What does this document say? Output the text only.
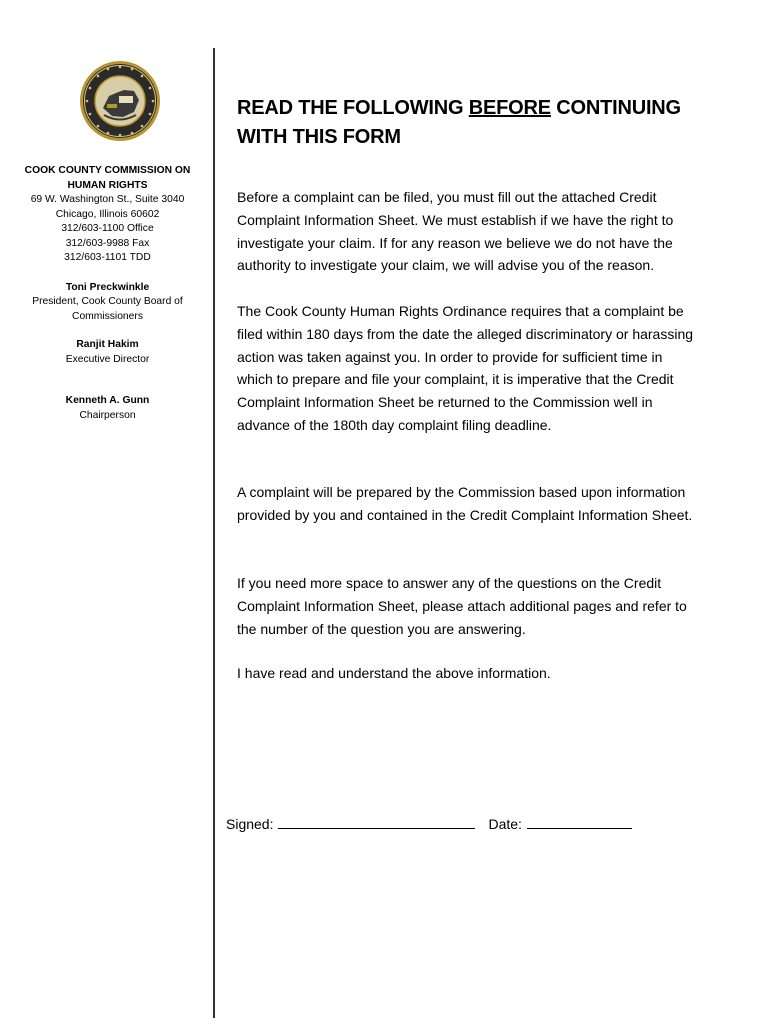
COOK COUNTY COMMISSION ON
HUMAN RIGHTS
69 W. Washington St., Suite 3040
Chicago, Illinois 60602
312/603-1100 Office
312/603-9988 Fax
312/603-1101 TDD
Toni Preckwinkle
President, Cook County Board of
Commissioners
Ranjit Hakim
Executive Director
Kenneth A. Gunn
Chairperson
READ THE FOLLOWING BEFORE CONTINUING
WITH THIS FORM

Before a complaint can be filed, you must fill out the attached Credit Complaint Information Sheet. We must establish if we have the right to investigate your claim. If for any reason we believe we do not have the authority to investigate your claim, we will advise you of the reason.

The Cook County Human Rights Ordinance requires that a complaint be filed within 180 days from the date the alleged discriminatory or harassing action was taken against you. In order to provide for sufficient time in which to prepare and file your complaint, it is imperative that the Credit Complaint Information Sheet be returned to the Commission well in advance of the 180th day complaint filing deadline.

A complaint will be prepared by the Commission based upon information provided by you and contained in the Credit Complaint Information Sheet.

If you need more space to answer any of the questions on the Credit Complaint Information Sheet, please attach additional pages and refer to the number of the question you are answering.

I have read and understand the above information.

Signed:	Date:
